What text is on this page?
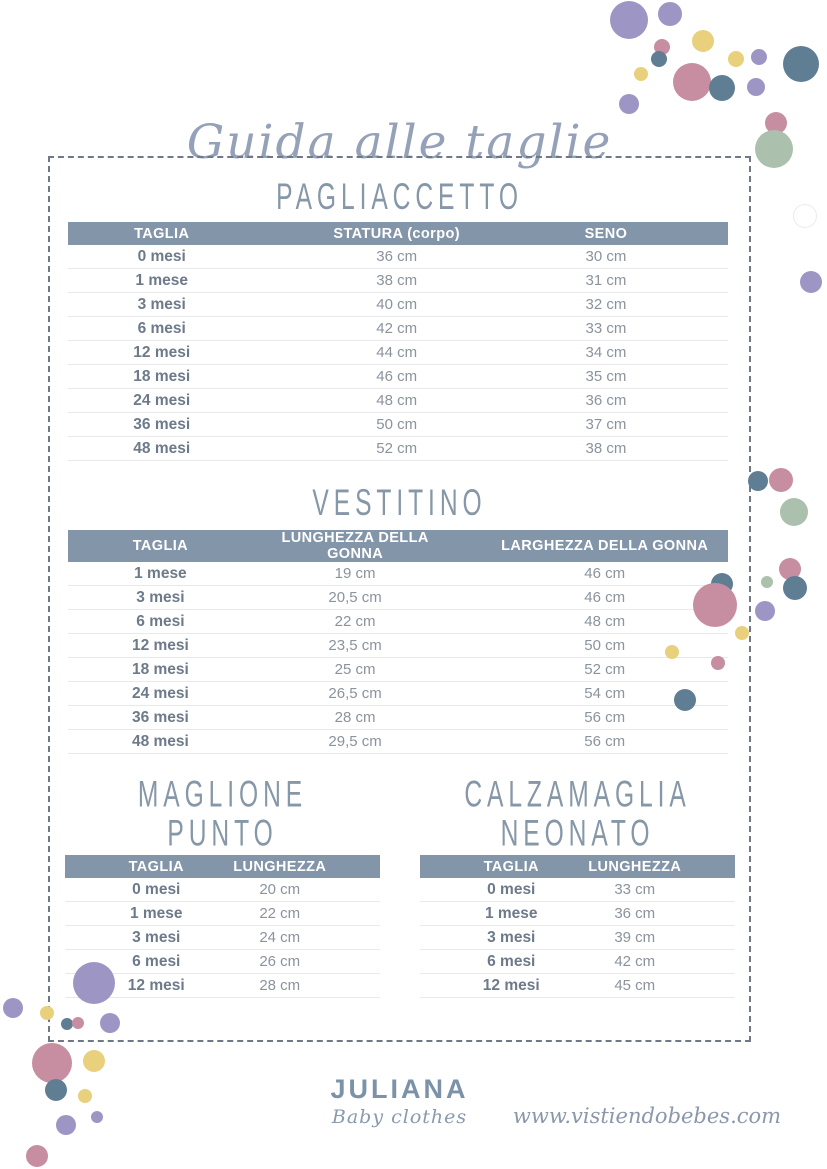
Guida alle taglie
PAGLIACCETTO
TAGLIA	STATURA (corpo)	SENO
0 mesi	36 cm	30 cm
1 mese	38 cm	31 cm
3 mesi	40 cm	32 cm
6 mesi	42 cm	33 cm
12 mesi	44 cm	34 cm
18 mesi	46 cm	35 cm
24 mesi	48 cm	36 cm
36 mesi	50 cm	37 cm
48 mesi	52 cm	38 cm
VESTITINO
TAGLIA	LUNGHEZZA DELLA GONNA	LARGHEZZA DELLA GONNA
1 mese	19 cm	46 cm
3 mesi	20,5 cm	46 cm
6 mesi	22 cm	48 cm
12 mesi	23,5 cm	50 cm
18 mesi	25 cm	52 cm
24 mesi	26,5 cm	54 cm
36 mesi	28 cm	56 cm
48 mesi	29,5 cm	56 cm
MAGLIONE PUNTO
TAGLIA	LUNGHEZZA
0 mesi	20 cm
1 mese	22 cm
3 mesi	24 cm
6 mesi	26 cm
12 mesi	28 cm
CALZAMAGLIA NEONATO
TAGLIA	LUNGHEZZA
0 mesi	33 cm
1 mese	36 cm
3 mesi	39 cm
6 mesi	42 cm
12 mesi	45 cm
JULIANA
Baby clothes	www.vistiendobebes.com
